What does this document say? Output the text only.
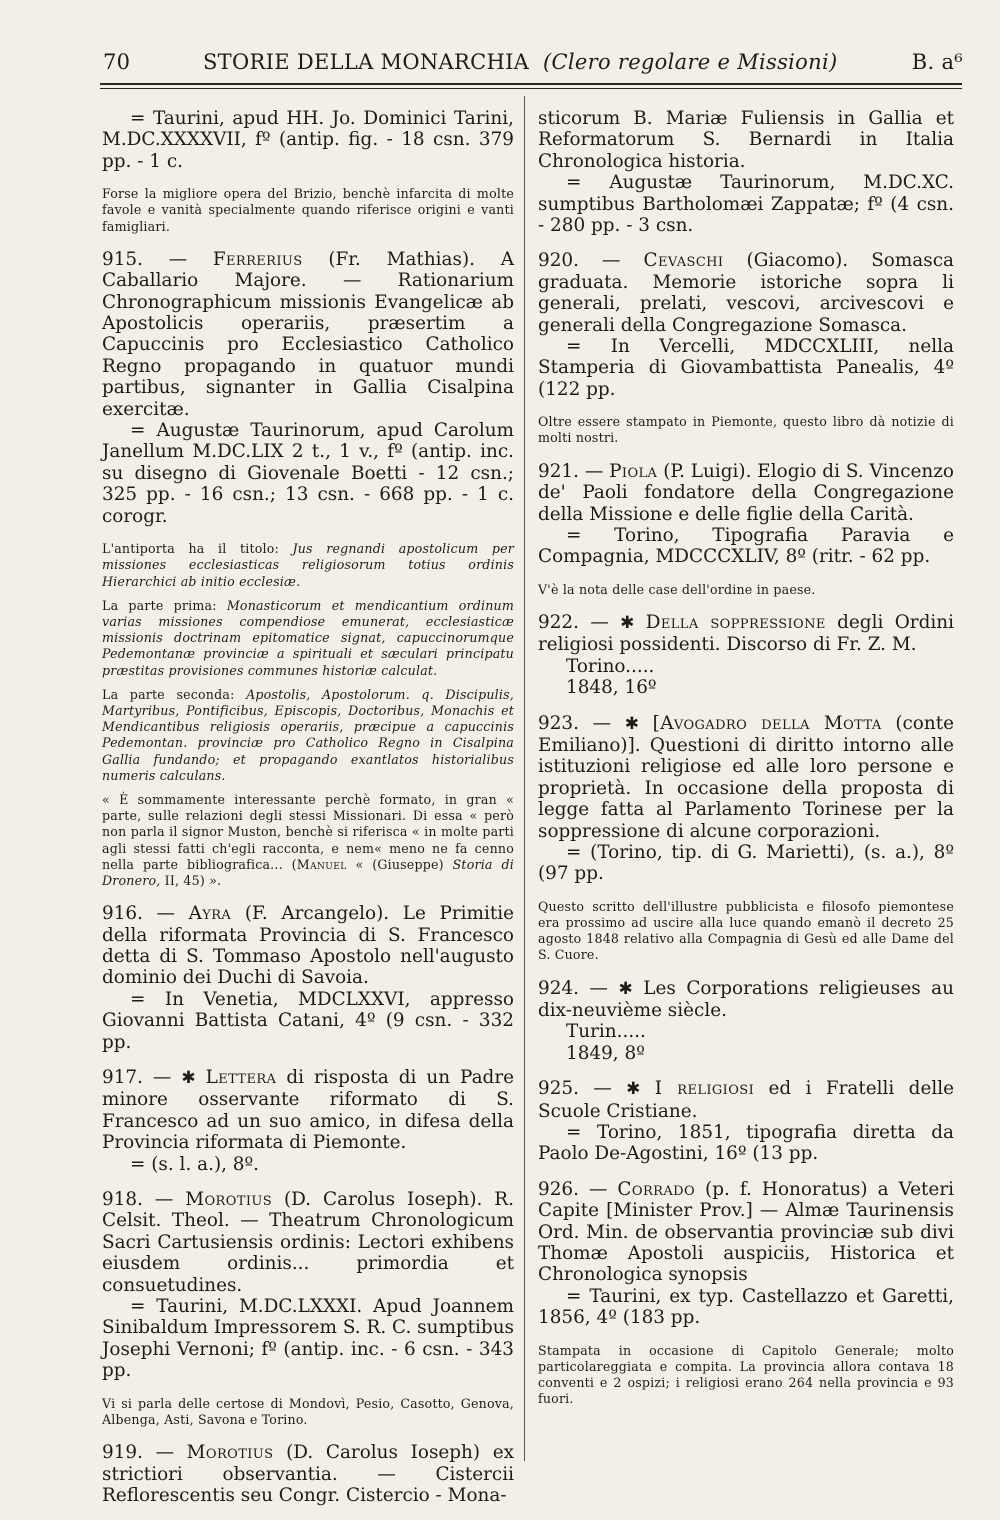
70	STORIE DELLA MONARCHIA (Clero regolare e Missioni)	B. a⁶

= Taurini, apud HH. Jo. Dominici Tarini, M.DC.XXXXVII, fº (antip. fig. - 18 csn. 379 pp. - 1 c.

Forse la migliore opera del Brizio, benchè infarcita di molte favole e vanità specialmente quando riferisce origini e vanti famigliari.

915. — Ferrerius (Fr. Mathias). A Caballario Majore. — Rationarium Chronographicum missionis Evangelicæ ab Apostolicis operariis, præsertim a Capuccinis pro Ecclesiastico Catholico Regno propagando in quatuor mundi partibus, signanter in Gallia Cisalpina exercitæ.

= Augustæ Taurinorum, apud Carolum Janellum M.DC.LIX 2 t., 1 v., fº (antip. inc. su disegno di Giovenale Boetti - 12 csn.; 325 pp. - 16 csn.; 13 csn. - 668 pp. - 1 c. corogr.

L'antiporta ha il titolo: Jus regnandi apostolicum per missiones ecclesiasticas religiosorum totius ordinis Hierarchici ab initio ecclesiæ.

La parte prima: Monasticorum et mendicantium ordinum varias missiones compendiose emunerat, ecclesiasticæ missionis doctrinam epitomatice signat, capuccinorumque Pedemontanæ provinciæ a spirituali et sæculari principatu præstitas provisiones communes historiæ calculat.

La parte seconda: Apostolis, Apostolorum. q. Discipulis, Martyribus, Pontificibus, Episcopis, Doctoribus, Monachis et Mendicantibus religiosis operariis, præcipue a capuccinis Pedemontan. provinciæ pro Catholico Regno in Cisalpina Gallia fundando; et propagando exantlatos historialibus numeris calculans.

« È sommamente interessante perchè formato, in gran « parte, sulle relazioni degli stessi Missionari. Di essa « però non parla il signor Muston, benchè si riferisca « in molte parti agli stessi fatti ch'egli racconta, e nem« meno ne fa cenno nella parte bibliografica... (Manuel « (Giuseppe) Storia di Dronero, II, 45) ».

916. — Ayra (F. Arcangelo). Le Primitie della riformata Provincia di S. Francesco detta di S. Tommaso Apostolo nell'augusto dominio dei Duchi di Savoia.

= In Venetia, MDCLXXVI, appresso Giovanni Battista Catani, 4º (9 csn. - 332 pp.

917. — ✱ Lettera di risposta di un Padre minore osservante riformato di S. Francesco ad un suo amico, in difesa della Provincia riformata di Piemonte.

= (s. l. a.), 8º.

918. — Morotius (D. Carolus Ioseph). R. Celsit. Theol. — Theatrum Chronologicum Sacri Cartusiensis ordinis: Lectori exhibens eiusdem ordinis... primordia et consuetudines.

= Taurini, M.DC.LXXXI. Apud Joannem Sinibaldum Impressorem S. R. C. sumptibus Josephi Vernoni; fº (antip. inc. - 6 csn. - 343 pp.

Vi si parla delle certose di Mondovì, Pesio, Casotto, Genova, Albenga, Asti, Savona e Torino.

919. — Morotius (D. Carolus Ioseph) ex strictiori observantia. — Cistercii Reflorescentis seu Congr. Cistercio - Mona-

sticorum B. Mariæ Fuliensis in Gallia et Reformatorum S. Bernardi in Italia Chronologica historia.

= Augustæ Taurinorum, M.DC.XC. sumptibus Bartholomæi Zappatæ; fº (4 csn. - 280 pp. - 3 csn.

920. — Cevaschi (Giacomo). Somasca graduata. Memorie istoriche sopra li generali, prelati, vescovi, arcivescovi e generali della Congregazione Somasca.

= In Vercelli, MDCCXLIII, nella Stamperia di Giovambattista Panealis, 4º (122 pp.

Oltre essere stampato in Piemonte, questo libro dà notizie di molti nostri.

921. — Piola (P. Luigi). Elogio di S. Vincenzo de' Paoli fondatore della Congregazione della Missione e delle figlie della Carità.

= Torino, Tipografia Paravia e Compagnia, MDCCCXLIV, 8º (ritr. - 62 pp.

V'è la nota delle case dell'ordine in paese.

922. — ✱ Della soppressione degli Ordini religiosi possidenti. Discorso di Fr. Z. M.

Torino.....

1848, 16º

923. — ✱ [Avogadro della Motta (conte Emiliano)]. Questioni di diritto intorno alle istituzioni religiose ed alle loro persone e proprietà. In occasione della proposta di legge fatta al Parlamento Torinese per la soppressione di alcune corporazioni.

= (Torino, tip. di G. Marietti), (s. a.), 8º (97 pp.

Questo scritto dell'illustre pubblicista e filosofo piemontese era prossimo ad uscire alla luce quando emanò il decreto 25 agosto 1848 relativo alla Compagnia di Gesù ed alle Dame del S. Cuore.

924. — ✱ Les Corporations religieuses au dix-neuvième siècle.

Turin.....

1849, 8º

925. — ✱ I religiosi ed i Fratelli delle Scuole Cristiane.

= Torino, 1851, tipografia diretta da Paolo De-Agostini, 16º (13 pp.

926. — Corrado (p. f. Honoratus) a Veteri Capite [Minister Prov.] — Almæ Taurinensis Ord. Min. de observantia provinciæ sub divi Thomæ Apostoli auspiciis, Historica et Chronologica synopsis

= Taurini, ex typ. Castellazzo et Garetti, 1856, 4º (183 pp.

Stampata in occasione di Capitolo Generale; molto particolareggiata e compita. La provincia allora contava 18 conventi e 2 ospizi; i religiosi erano 264 nella provincia e 93 fuori.
